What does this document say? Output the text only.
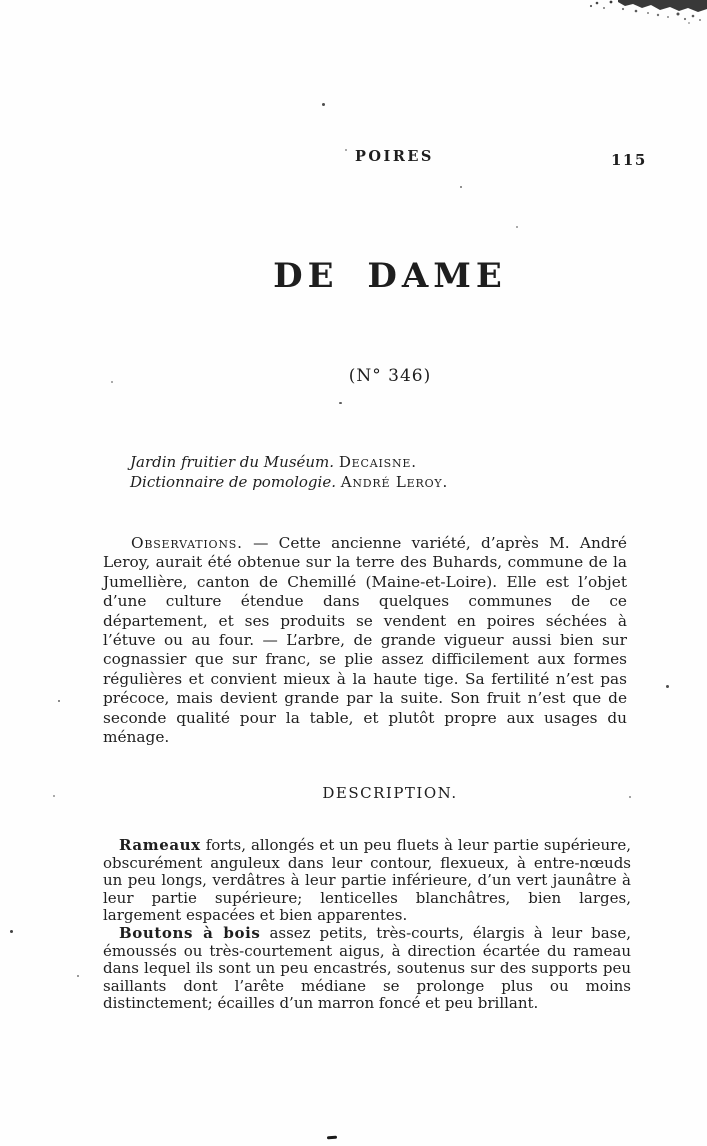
POIRES	115
DE DAME
(N° 346)

Jardin fruitier du Muséum. Decaisne.

Dictionnaire de pomologie. André Leroy.

Observations. — Cette ancienne variété, d’après M. André Leroy, aurait été obtenue sur la terre des Buhards, commune de la Jumellière, canton de Chemillé (Maine-et-Loire). Elle est l’objet d’une culture étendue dans quelques communes de ce département, et ses produits se vendent en poires séchées à l’étuve ou au four. — L’arbre, de grande vigueur aussi bien sur cognassier que sur franc, se plie assez difficilement aux formes régulières et convient mieux à la haute tige. Sa fertilité n’est pas précoce, mais devient grande par la suite. Son fruit n’est que de seconde qualité pour la table, et plutôt propre aux usages du ménage.

DESCRIPTION.

Rameaux forts, allongés et un peu fluets à leur partie supérieure, obscurément anguleux dans leur contour, flexueux, à entre-nœuds un peu longs, verdâtres à leur partie inférieure, d’un vert jaunâtre à leur partie supérieure; lenticelles blanchâtres, bien larges, largement espacées et bien apparentes.

Boutons à bois assez petits, très-courts, élargis à leur base, émoussés ou très-courtement aigus, à direction écartée du rameau dans lequel ils sont un peu encastrés, soutenus sur des supports peu saillants dont l’arête médiane se prolonge plus ou moins distinctement; écailles d’un marron foncé et peu brillant.
